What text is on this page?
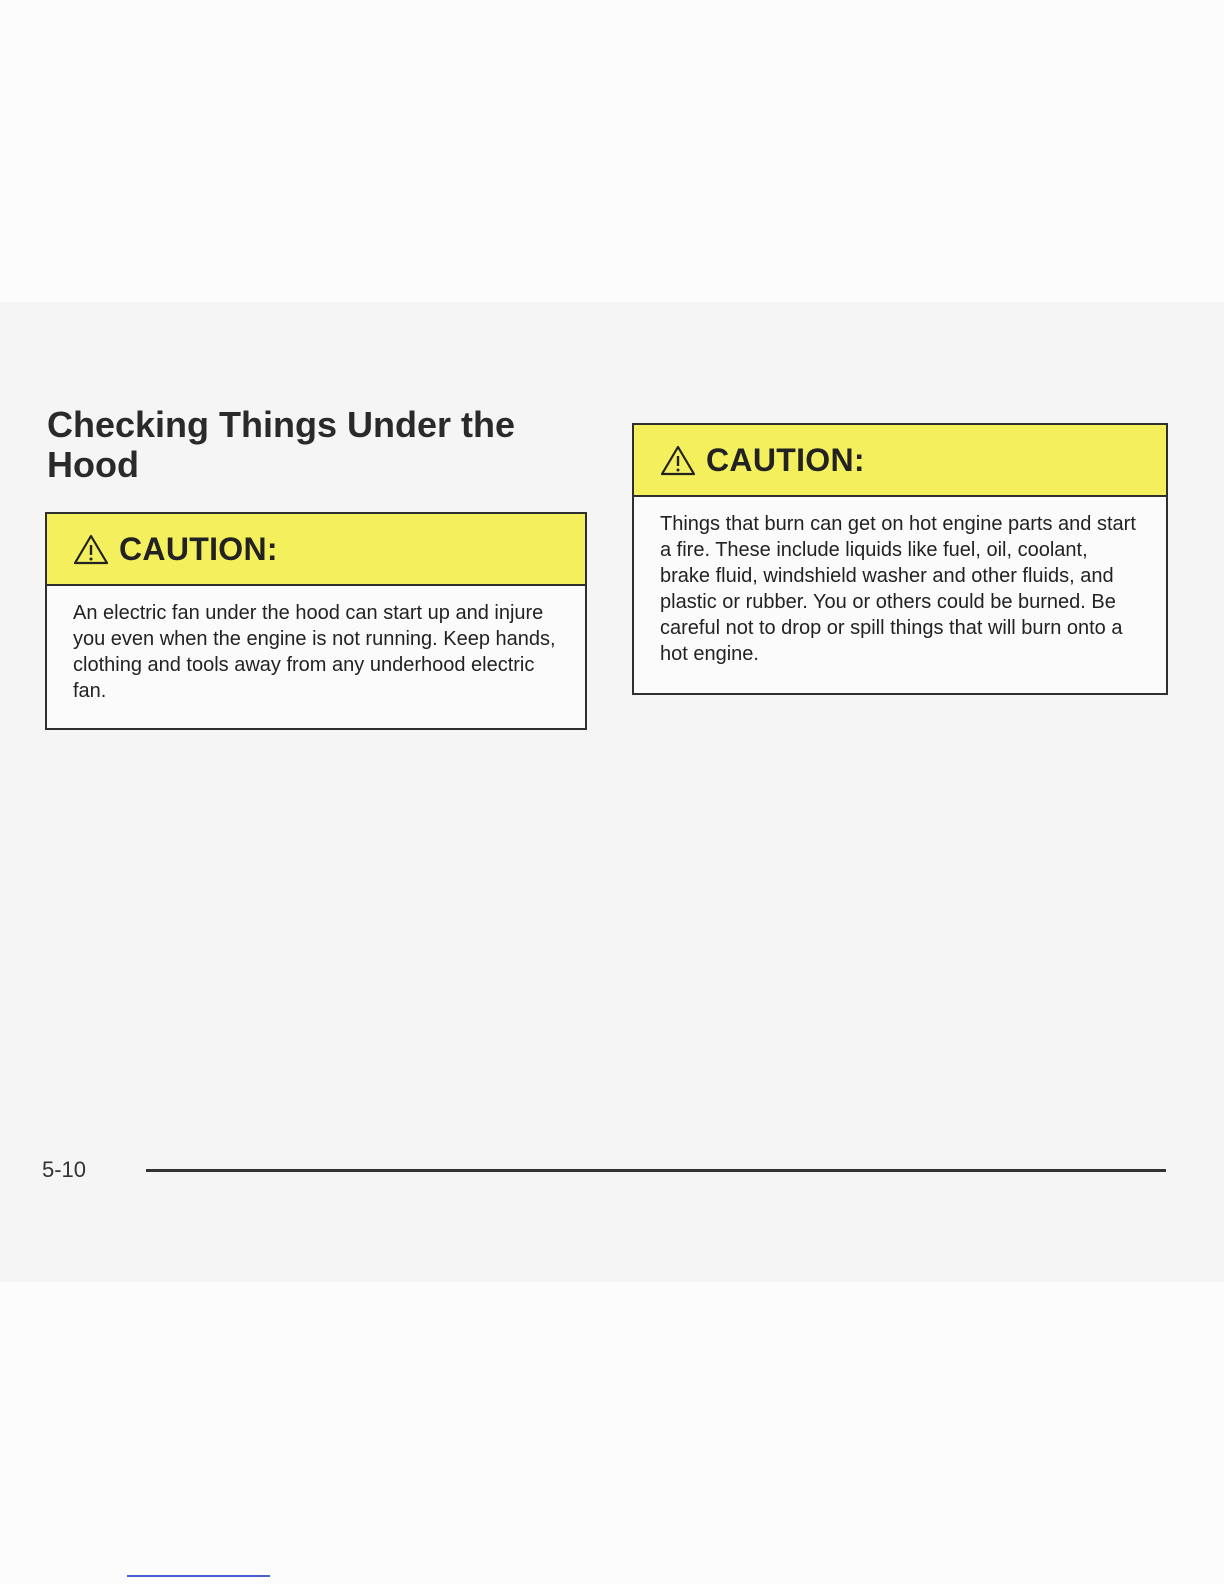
Checking Things Under the Hood
CAUTION:

An electric fan under the hood can start up and injure you even when the engine is not running. Keep hands, clothing and tools away from any underhood electric fan.

CAUTION:

Things that burn can get on hot engine parts and start a fire. These include liquids like fuel, oil, coolant, brake fluid, windshield washer and other fluids, and plastic or rubber. You or others could be burned. Be careful not to drop or spill things that will burn onto a hot engine.

5-10
